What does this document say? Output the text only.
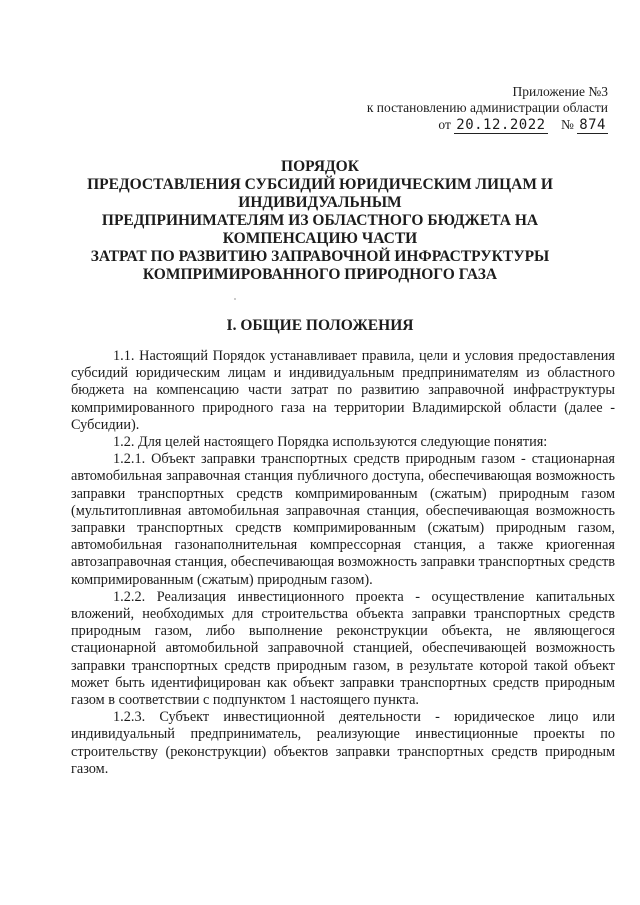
Приложение №3
к постановлению администрации области
от 20.12.2022 № 874
ПОРЯДОК
ПРЕДОСТАВЛЕНИЯ СУБСИДИЙ ЮРИДИЧЕСКИМ ЛИЦАМ И
ИНДИВИДУАЛЬНЫМ
ПРЕДПРИНИМАТЕЛЯМ ИЗ ОБЛАСТНОГО БЮДЖЕТА НА
КОМПЕНСАЦИЮ ЧАСТИ
ЗАТРАТ ПО РАЗВИТИЮ ЗАПРАВОЧНОЙ ИНФРАСТРУКТУРЫ
КОМПРИМИРОВАННОГО ПРИРОДНОГО ГАЗА
I. ОБЩИЕ ПОЛОЖЕНИЯ

1.1. Настоящий Порядок устанавливает правила, цели и условия предоставления субсидий юридическим лицам и индивидуальным предпринимателям из областного бюджета на компенсацию части затрат по развитию заправочной инфраструктуры компримированного природного газа на территории Владимирской области (далее - Субсидии).

1.2. Для целей настоящего Порядка используются следующие понятия:

1.2.1. Объект заправки транспортных средств природным газом - стационарная автомобильная заправочная станция публичного доступа, обеспечивающая возможность заправки транспортных средств компримированным (сжатым) природным газом (мультитопливная автомобильная заправочная станция, обеспечивающая возможность заправки транспортных средств компримированным (сжатым) природным газом, автомобильная газонаполнительная компрессорная станция, а также криогенная автозаправочная станция, обеспечивающая возможность заправки транспортных средств компримированным (сжатым) природным газом).

1.2.2. Реализация инвестиционного проекта - осуществление капитальных вложений, необходимых для строительства объекта заправки транспортных средств природным газом, либо выполнение реконструкции объекта, не являющегося стационарной автомобильной заправочной станцией, обеспечивающей возможность заправки транспортных средств природным газом, в результате которой такой объект может быть идентифицирован как объект заправки транспортных средств природным газом в соответствии с подпунктом 1 настоящего пункта.

1.2.3. Субъект инвестиционной деятельности - юридическое лицо или индивидуальный предприниматель, реализующие инвестиционные проекты по строительству (реконструкции) объектов заправки транспортных средств природным газом.
